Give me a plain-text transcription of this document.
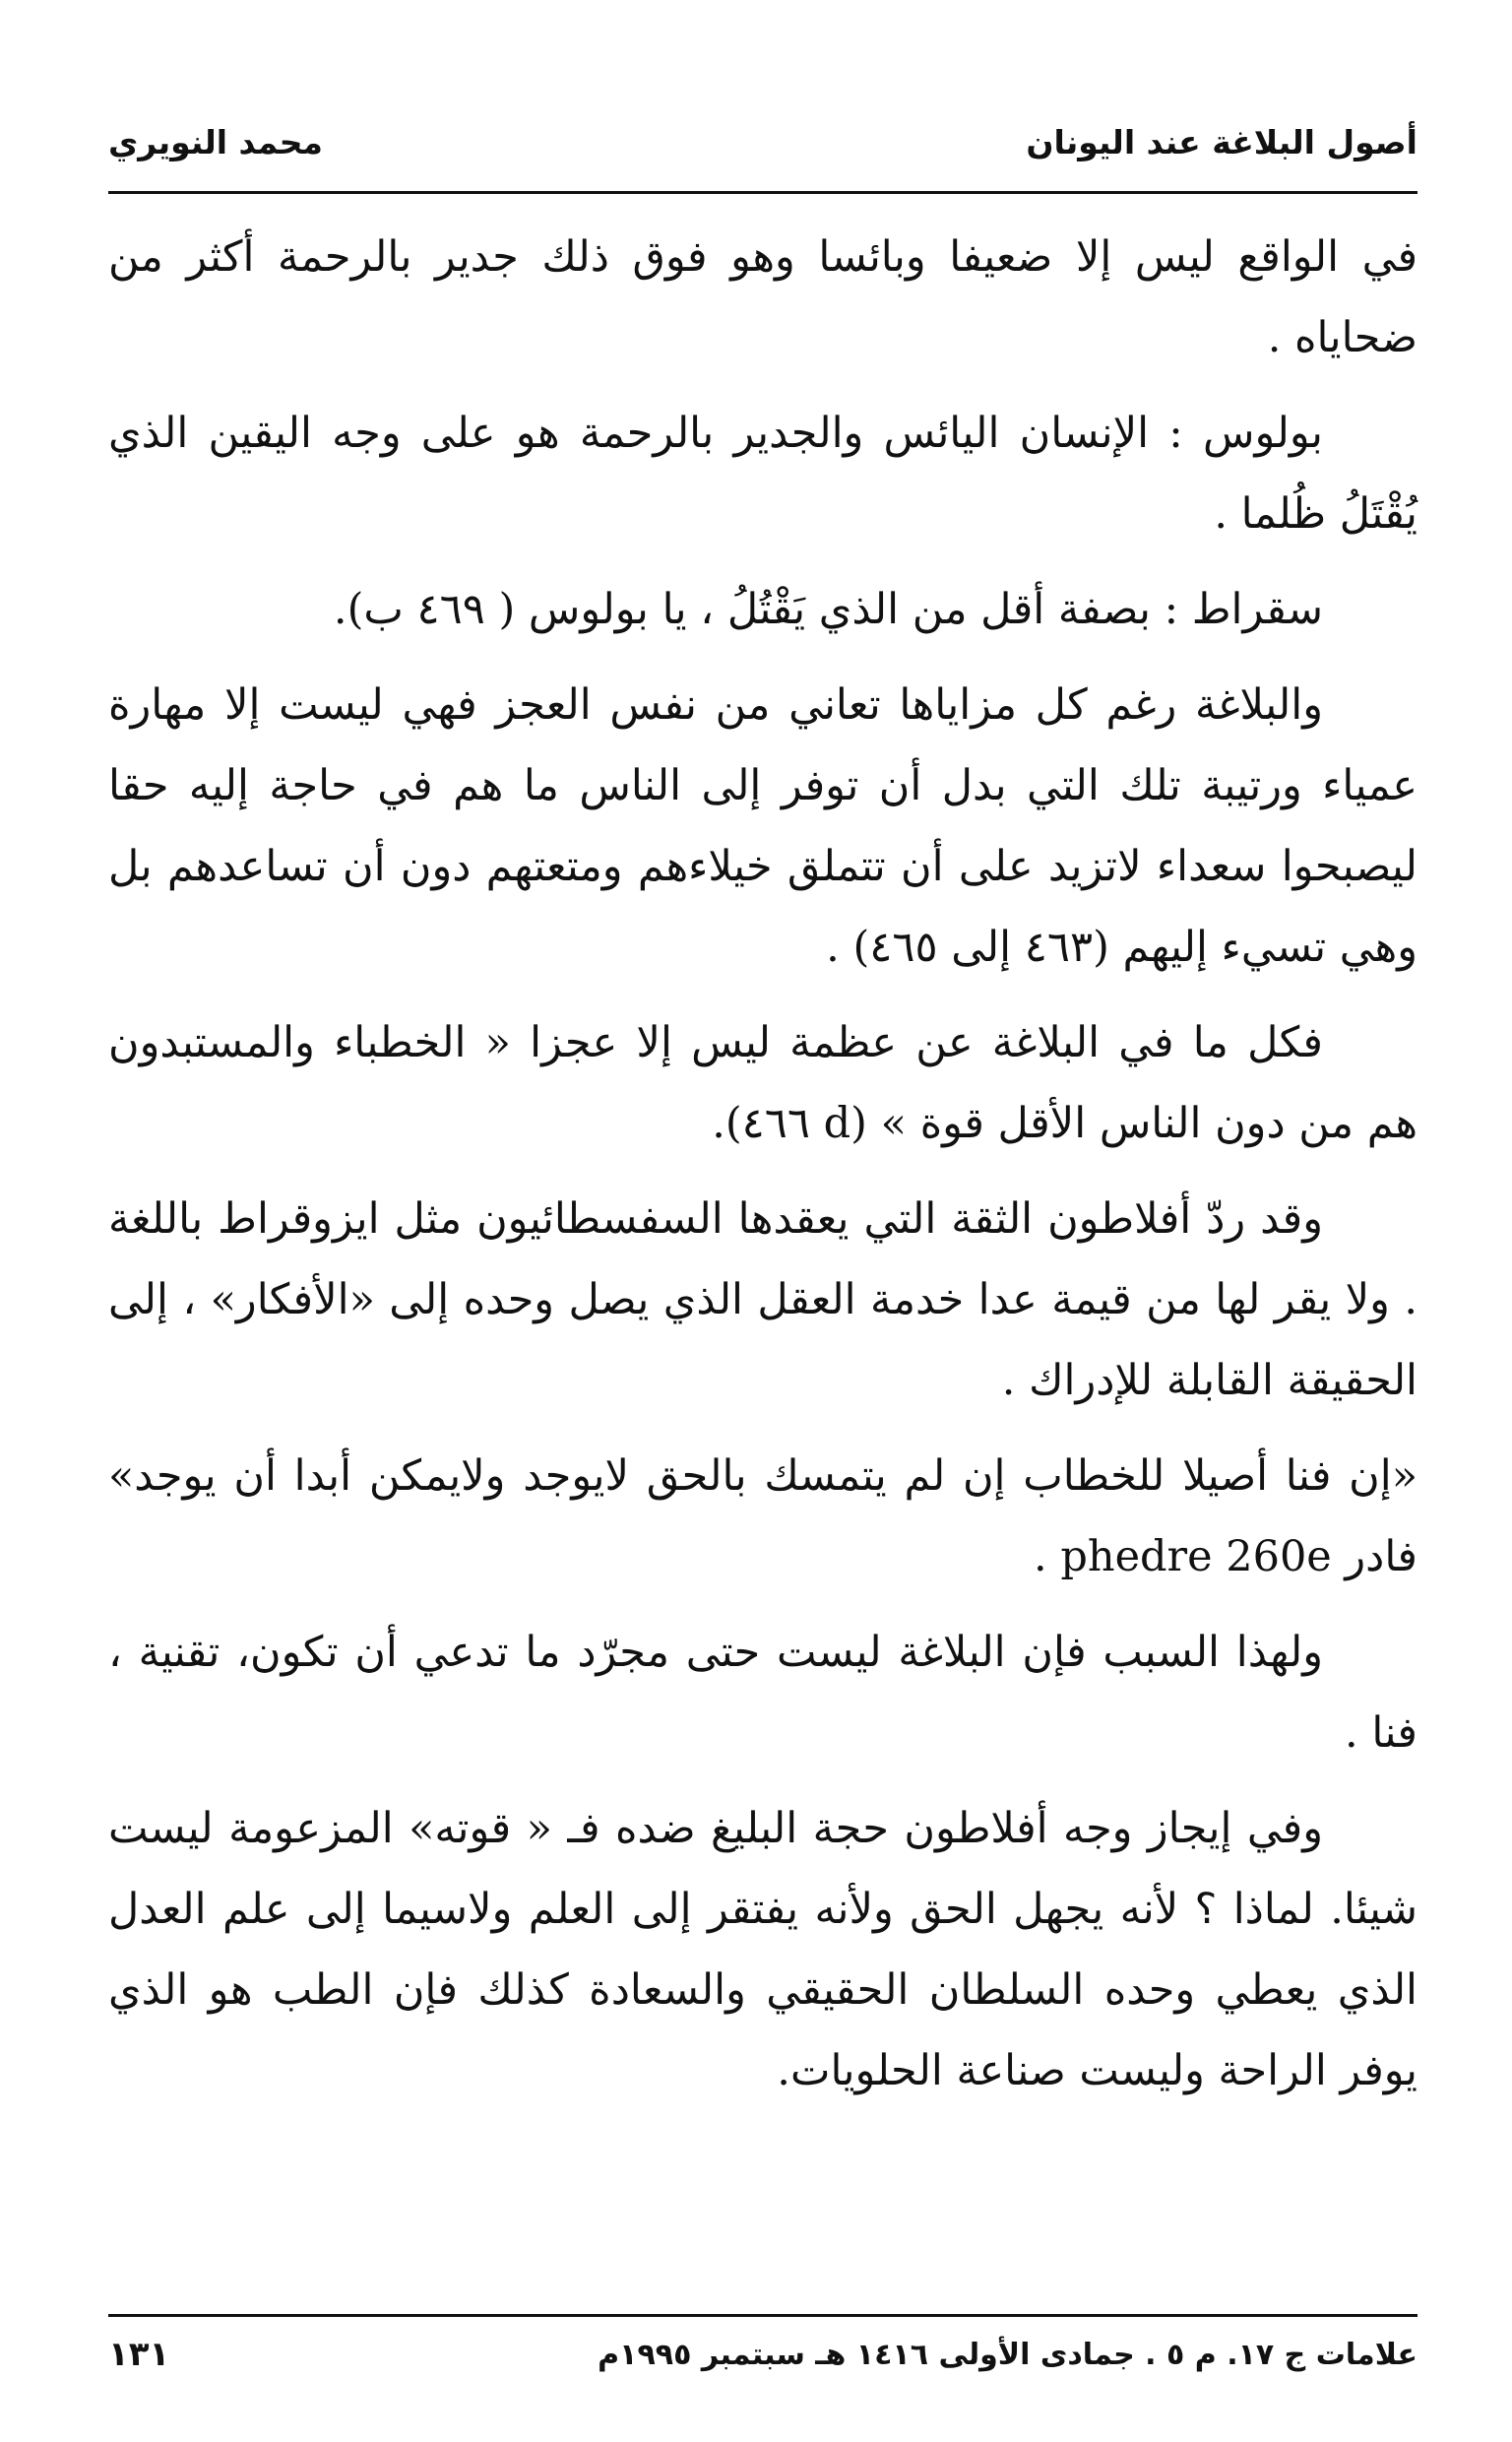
أصول البلاغة عند اليونان
محمد النويري

في الواقع ليس إلا ضعيفا وبائسا وهو فوق ذلك جدير بالرحمة أكثر من ضحاياه .

بولوس : الإنسان اليائس والجدير بالرحمة هو على وجه اليقين الذي يُقْتَلُ ظُلما .

سقراط : بصفة أقل من الذي يَقْتُلُ ، يا بولوس ( ٤٦٩ ب).

والبلاغة رغم كل مزاياها تعاني من نفس العجز فهي ليست إلا مهارة عمياء ورتيبة تلك التي بدل أن توفر إلى الناس ما هم في حاجة إليه حقا ليصبحوا سعداء لاتزيد على أن تتملق خيلاءهم ومتعتهم دون أن تساعدهم بل وهي تسيء إليهم (٤٦٣ إلى ٤٦٥) .

فكل ما في البلاغة عن عظمة ليس إلا عجزا « الخطباء والمستبدون هم من دون الناس الأقل قوة » (d ٤٦٦).

وقد ردّ أفلاطون الثقة التي يعقدها السفسطائيون مثل ايزوقراط باللغة . ولا يقر لها من قيمة عدا خدمة العقل الذي يصل وحده إلى «الأفكار» ، إلى الحقيقة القابلة للإدراك .

«إن فنا أصيلا للخطاب إن لم يتمسك بالحق لايوجد ولايمكن أبدا أن يوجد» فادر phedre 260e .

ولهذا السبب فإن البلاغة ليست حتى مجرّد ما تدعي أن تكون، تقنية ، فنا .

وفي إيجاز وجه أفلاطون حجة البليغ ضده فـ « قوته» المزعومة ليست شيئا. لماذا ؟ لأنه يجهل الحق ولأنه يفتقر إلى العلم ولاسيما إلى علم العدل الذي يعطي وحده السلطان الحقيقي والسعادة كذلك فإن الطب هو الذي يوفر الراحة وليست صناعة الحلويات.

علامات ج ١٧. م ٥ . جمادى الأولى ١٤١٦ هـ سبتمبر ١٩٩٥م
١٣١
